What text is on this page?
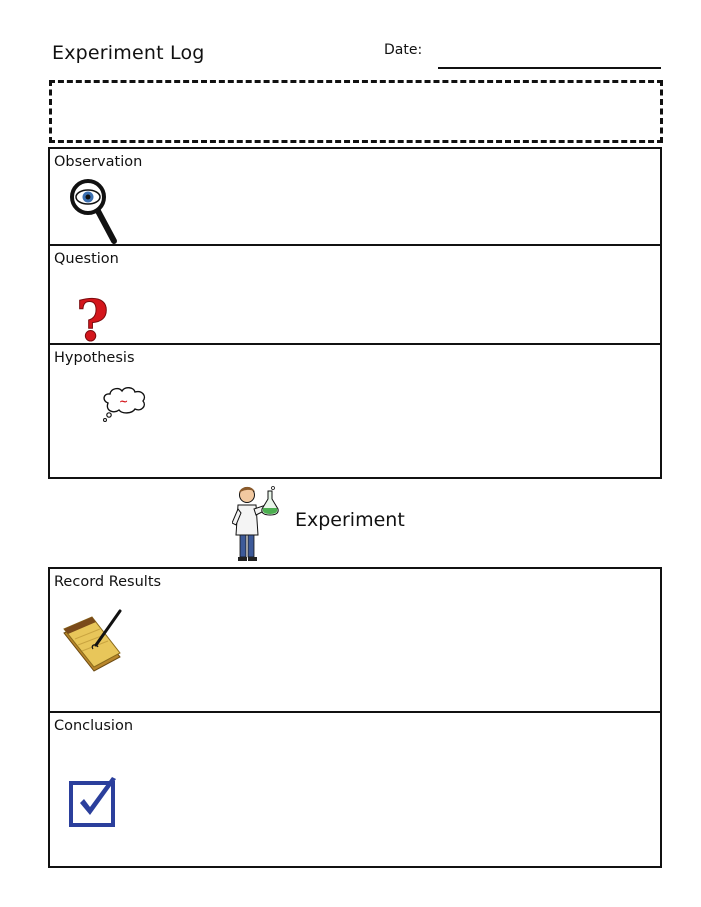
Experiment Log	Date:
Observation
Question
?
Hypothesis
~
Experiment
Record Results
Conclusion
